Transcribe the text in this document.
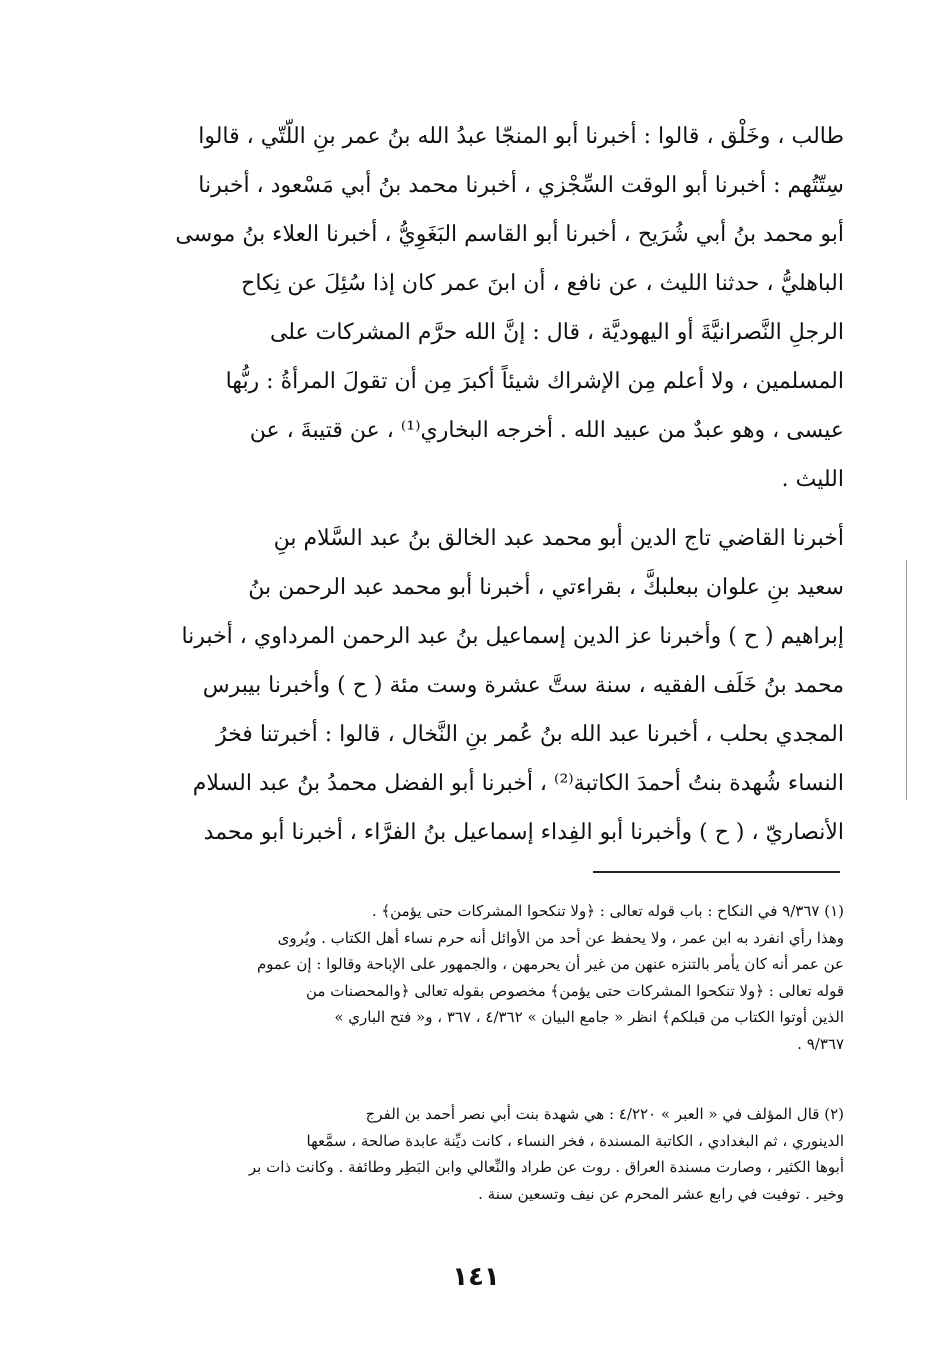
طالب ، وخَلْق ، قالوا : أخبرنا أبو المنجّا عبدُ الله بنُ عمر بنِ اللّتّي ، قالوا
سِتّتُهم : أخبرنا أبو الوقت السِّجْزي ، أخبرنا محمد بنُ أبي مَسْعود ، أخبرنا
أبو محمد بنُ أبي شُرَيح ، أخبرنا أبو القاسم البَغَوِيُّ ، أخبرنا العلاء بنُ موسى
الباهليُّ ، حدثنا الليث ، عن نافع ، أن ابنَ عمر كان إذا سُئِلَ عن نِكاح
الرجلِ النَّصرانيَّةَ أو اليهوديَّة ، قال : إنَّ الله حرَّم المشركات على
المسلمين ، ولا أعلم مِن الإشراك شيئاً أكبرَ مِن أن تقولَ المرأةُ : ربُّها
عيسى ، وهو عبدٌ من عبيد الله . أخرجه البخاري⁽¹⁾ ، عن قتيبةَ ، عن
الليث .
أخبرنا القاضي تاج الدين أبو محمد عبد الخالق بنُ عبد السَّلام بنِ
سعيد بنِ علوان ببعلبكَّ ، بقراءتي ، أخبرنا أبو محمد عبد الرحمن بنُ
إبراهيم ( ح ) وأخبرنا عز الدين إسماعيل بنُ عبد الرحمن المرداوي ، أخبرنا
محمد بنُ خَلَف الفقيه ، سنة ستَّ عشرة وست مئة ( ح ) وأخبرنا بيبرس
المجدي بحلب ، أخبرنا عبد الله بنُ عُمر بنِ النَّخال ، قالوا : أخبرتنا فخرُ
النساء شُهدة بنتُ أحمدَ الكاتبة⁽²⁾ ، أخبرنا أبو الفضل محمدُ بنُ عبد السلام
الأنصاريّ ، ( ح ) وأخبرنا أبو الفِداء إسماعيل بنُ الفرَّاء ، أخبرنا أبو محمد
(١) ٩/٣٦٧ في النكاح : باب قوله تعالى : ﴿ولا تنكحوا المشركات حتى يؤمن﴾ .
وهذا رأي انفرد به ابن عمر ، ولا يحفظ عن أحد من الأوائل أنه حرم نساء أهل الكتاب . ويُروى
عن عمر أنه كان يأمر بالتنزه عنهن من غير أن يحرمهن ، والجمهور على الإباحة وقالوا : إن عموم
قوله تعالى : ﴿ولا تنكحوا المشركات حتى يؤمن﴾ مخصوص بقوله تعالى ﴿والمحصنات من
الذين أوتوا الكتاب من قبلكم﴾ انظر « جامع البيان » ٤/٣٦٢ ، ٣٦٧ ، و« فتح الباري »
٩/٣٦٧ .
(٢) قال المؤلف في « العبر » ٤/٢٢٠ : هي شهدة بنت أبي نصر أحمد بن الفرج
الدينوري ، ثم البغدادي ، الكاتبة المسندة ، فخر النساء ، كانت ديِّنة عابدة صالحة ، سمَّعها
أبوها الكثير ، وصارت مسندة العراق . روت عن طراد والنِّعالي وابن البَطِر وطائفة . وكانت ذات بر
وخير . توفيت في رابع عشر المحرم عن نيف وتسعين سنة .
١٤١
